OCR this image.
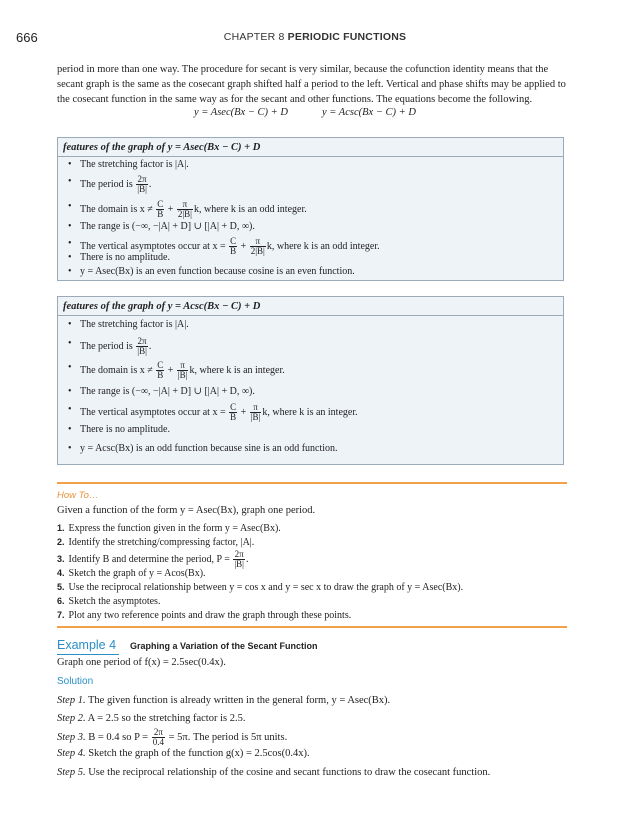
666	CHAPTER 8 PERIODIC FUNCTIONS
period in more than one way. The procedure for secant is very similar, because the cofunction identity means that the secant graph is the same as the cosecant graph shifted half a period to the left. Vertical and phase shifts may be applied to the cosecant function in the same way as for the secant and other functions. The equations become the following.
y = Asec(Bx − C) + D	y = Acsc(Bx − C) + D
features of the graph of y = Asec(Bx − C) + D
• The stretching factor is |A|.
• The period is $\frac{2\pi}{|B|}$ .
• The domain is $x \ne \frac{C}{B} + \frac{\pi}{2|B|} k$, where k is an odd integer.
• The range is (−∞, −|A| + D] ∪ [|A| + D, ∞).
• The vertical asymptotes occur at $x = \frac{C}{B} + \frac{\pi}{2|B|} k$, where k is an odd integer.
• There is no amplitude.
• y = Asec(Bx) is an even function because cosine is an even function.
features of the graph of y = Acsc(Bx − C) + D
• The stretching factor is |A|.
• The period is $\frac{2\pi}{|B|}$ .
• The domain is $x \ne \frac{C}{B} + \frac{\pi}{|B|} k$, where k is an integer.
• The range is (−∞, −|A| + D] ∪ [|A| + D, ∞).
• The vertical asymptotes occur at $x = \frac{C}{B} + \frac{\pi}{|B|} k$, where k is an integer.
• There is no amplitude.
• y = Acsc(Bx) is an odd function because sine is an odd function.
How To…
Given a function of the form y = Asec(Bx), graph one period.
1. Express the function given in the form y = Asec(Bx).
2. Identify the stretching/compressing factor, |A|.
3. Identify B and determine the period, $P = \frac{2\pi}{|B|}$ .
4. Sketch the graph of y = Acos(Bx).
5. Use the reciprocal relationship between y = cos x and y = sec x to draw the graph of y = Asec(Bx).
6. Sketch the asymptotes.
7. Plot any two reference points and draw the graph through these points.
Example 4 Graphing a Variation of the Secant Function
Graph one period of f(x) = 2.5sec(0.4x).
Solution
Step 1. The given function is already written in the general form, y = Asec(Bx).
Step 2. A = 2.5 so the stretching factor is 2.5.
Step 3. B = 0.4 so $P = \frac{2\pi}{0.4} = 5\pi$. The period is 5π units.
Step 4. Sketch the graph of the function g(x) = 2.5cos(0.4x).
Step 5. Use the reciprocal relationship of the cosine and secant functions to draw the cosecant function.
